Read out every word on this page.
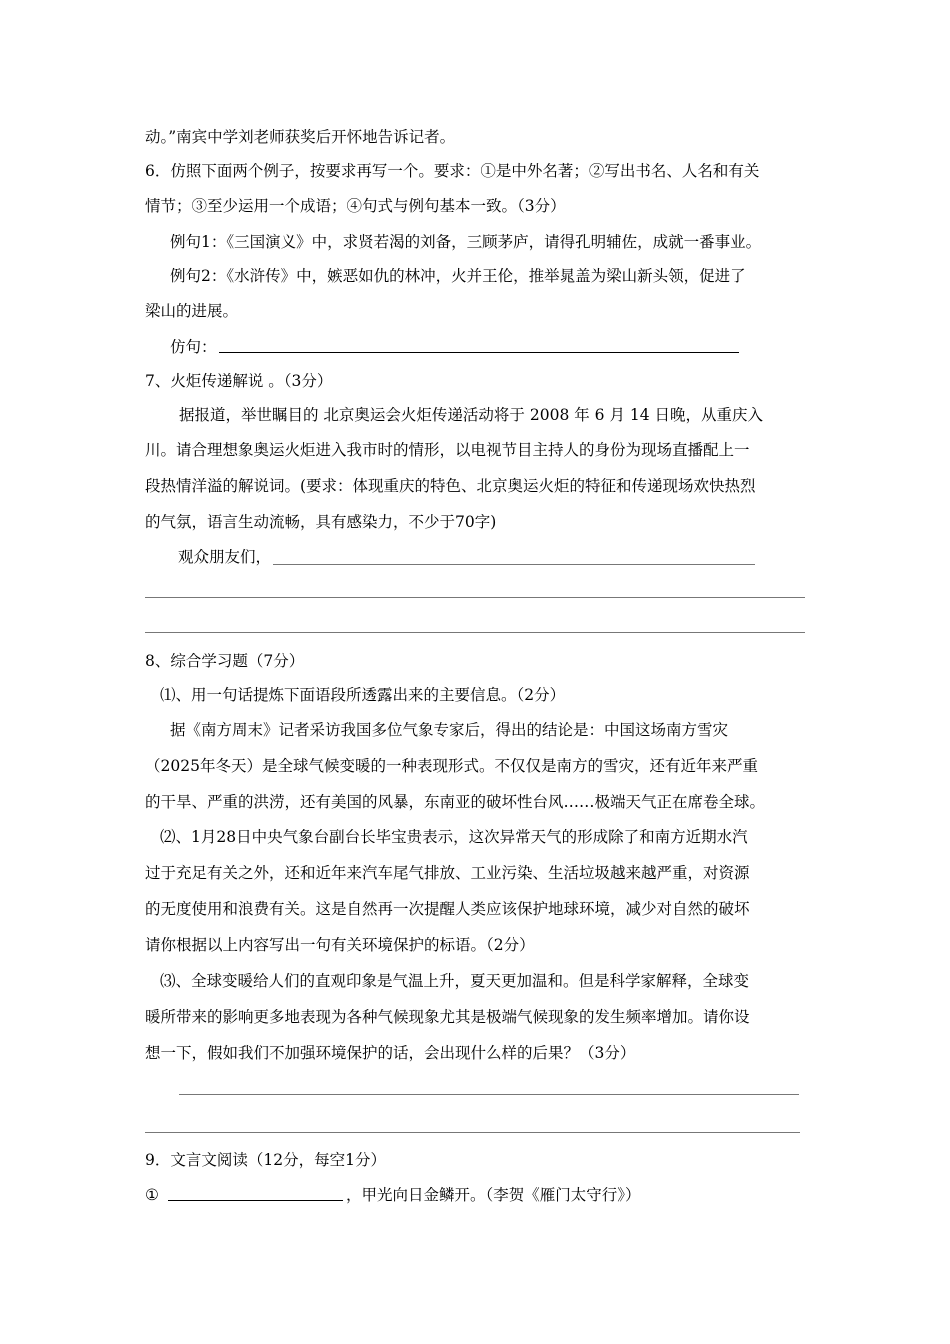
动。”南宾中学刘老师获奖后开怀地告诉记者。
6．仿照下面两个例子，按要求再写一个。要求：①是中外名著；②写出书名、人名和有关
情节；③至少运用一个成语；④句式与例句基本一致。（3分）
例句1：《三国演义》中，求贤若渴的刘备，三顾茅庐，请得孔明辅佐，成就一番事业。
例句2：《水浒传》中，嫉恶如仇的林冲，火并王伦，推举晁盖为梁山新头领，促进了
梁山的进展。
仿句：
7、火炬传递解说 。（3分）
据报道，举世瞩目的 北京奥运会火炬传递活动将于 2008 年 6 月 14 日晚，从重庆入
川。请合理想象奥运火炬进入我市时的情形，以电视节目主持人的身份为现场直播配上一
段热情洋溢的解说词。(要求：体现重庆的特色、北京奥运火炬的特征和传递现场欢快热烈
的气氛，语言生动流畅，具有感染力，不少于70字)
观众朋友们，
8、综合学习题（7分）
⑴、用一句话提炼下面语段所透露出来的主要信息。（2分）
据《南方周末》记者采访我国多位气象专家后，得出的结论是：中国这场南方雪灾
（2025年冬天）是全球气候变暖的一种表现形式。不仅仅是南方的雪灾，还有近年来严重
的干旱、严重的洪涝，还有美国的风暴，东南亚的破坏性台风……极端天气正在席卷全球。
⑵、1月28日中央气象台副台长毕宝贵表示，这次异常天气的形成除了和南方近期水汽
过于充足有关之外，还和近年来汽车尾气排放、工业污染、生活垃圾越来越严重，对资源
的无度使用和浪费有关。这是自然再一次提醒人类应该保护地球环境，减少对自然的破坏
请你根据以上内容写出一句有关环境保护的标语。（2分）
⑶、全球变暖给人们的直观印象是气温上升，夏天更加温和。但是科学家解释，全球变
暖所带来的影响更多地表现为各种气候现象尤其是极端气候现象的发生频率增加。请你设
想一下，假如我们不加强环境保护的话，会出现什么样的后果？（3分）
9．文言文阅读（12分，每空1分）
①	，甲光向日金鳞开。（李贺《雁门太守行》）
